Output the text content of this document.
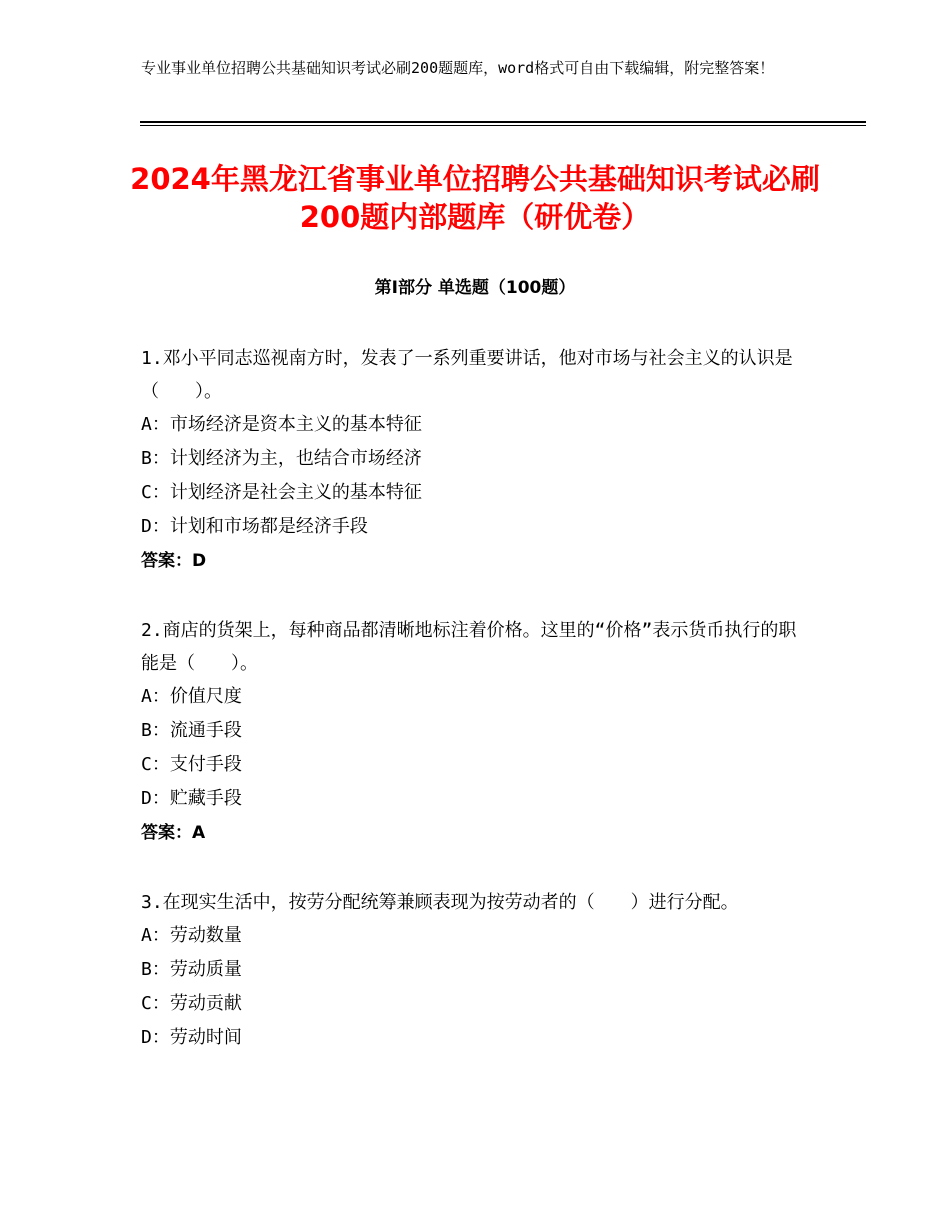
专业事业单位招聘公共基础知识考试必刷200题题库，word格式可自由下载编辑，附完整答案！
2024年黑龙江省事业单位招聘公共基础知识考试必刷200题内部题库（研优卷）
第Ⅰ部分 单选题（100题）
1.邓小平同志巡视南方时，发表了一系列重要讲话，他对市场与社会主义的认识是（　　）。
A：市场经济是资本主义的基本特征
B：计划经济为主，也结合市场经济
C：计划经济是社会主义的基本特征
D：计划和市场都是经济手段
答案：D
2.商店的货架上，每种商品都清晰地标注着价格。这里的“价格”表示货币执行的职能是（　　）。
A：价值尺度
B：流通手段
C：支付手段
D：贮藏手段
答案：A
3.在现实生活中，按劳分配统筹兼顾表现为按劳动者的（　　）进行分配。
A：劳动数量
B：劳动质量
C：劳动贡献
D：劳动时间
